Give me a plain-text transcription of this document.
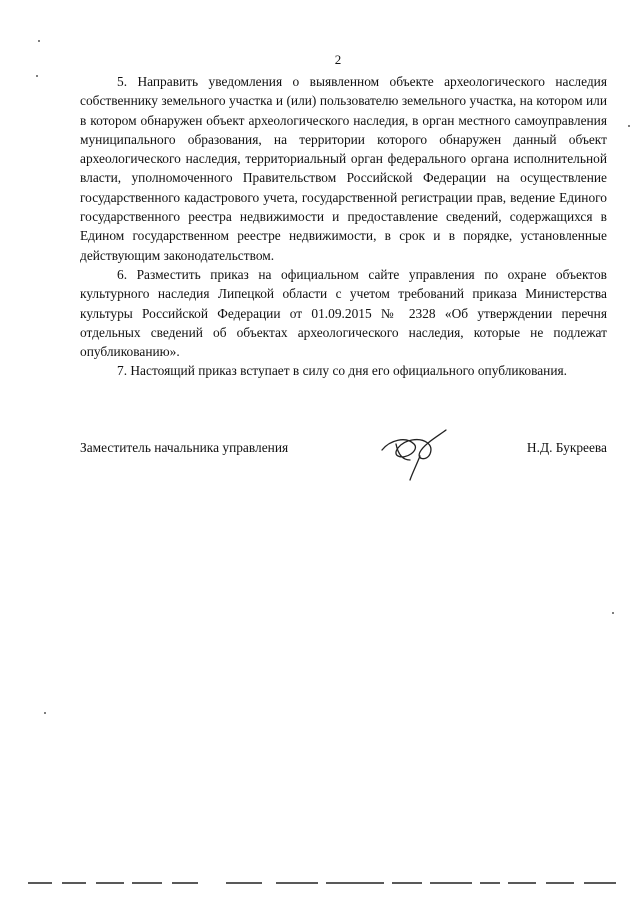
2

5. Направить уведомления о выявленном объекте археологического наследия собственнику земельного участка и (или) пользователю земельного участка, на котором или в котором обнаружен объект археологического наследия, в орган местного самоуправления муниципального образования, на территории которого обнаружен данный объект археологического наследия, территориальный орган федерального органа исполнительной власти, уполномоченного Правительством Российской Федерации на осуществление государственного кадастрового учета, государственной регистрации прав, ведение Единого государственного реестра недвижимости и предоставление сведений, содержащихся в Едином государственном реестре недвижимости, в срок и в порядке, установленные действующим законодательством.

6. Разместить приказ на официальном сайте управления по охране объектов культурного наследия Липецкой области с учетом требований приказа Министерства культуры Российской Федерации от 01.09.2015 № 2328 «Об утверждении перечня отдельных сведений об объектах археологического наследия, которые не подлежат опубликованию».

7. Настоящий приказ вступает в силу со дня его официального опубликования.

Заместитель начальника управления	Н.Д. Букреева
